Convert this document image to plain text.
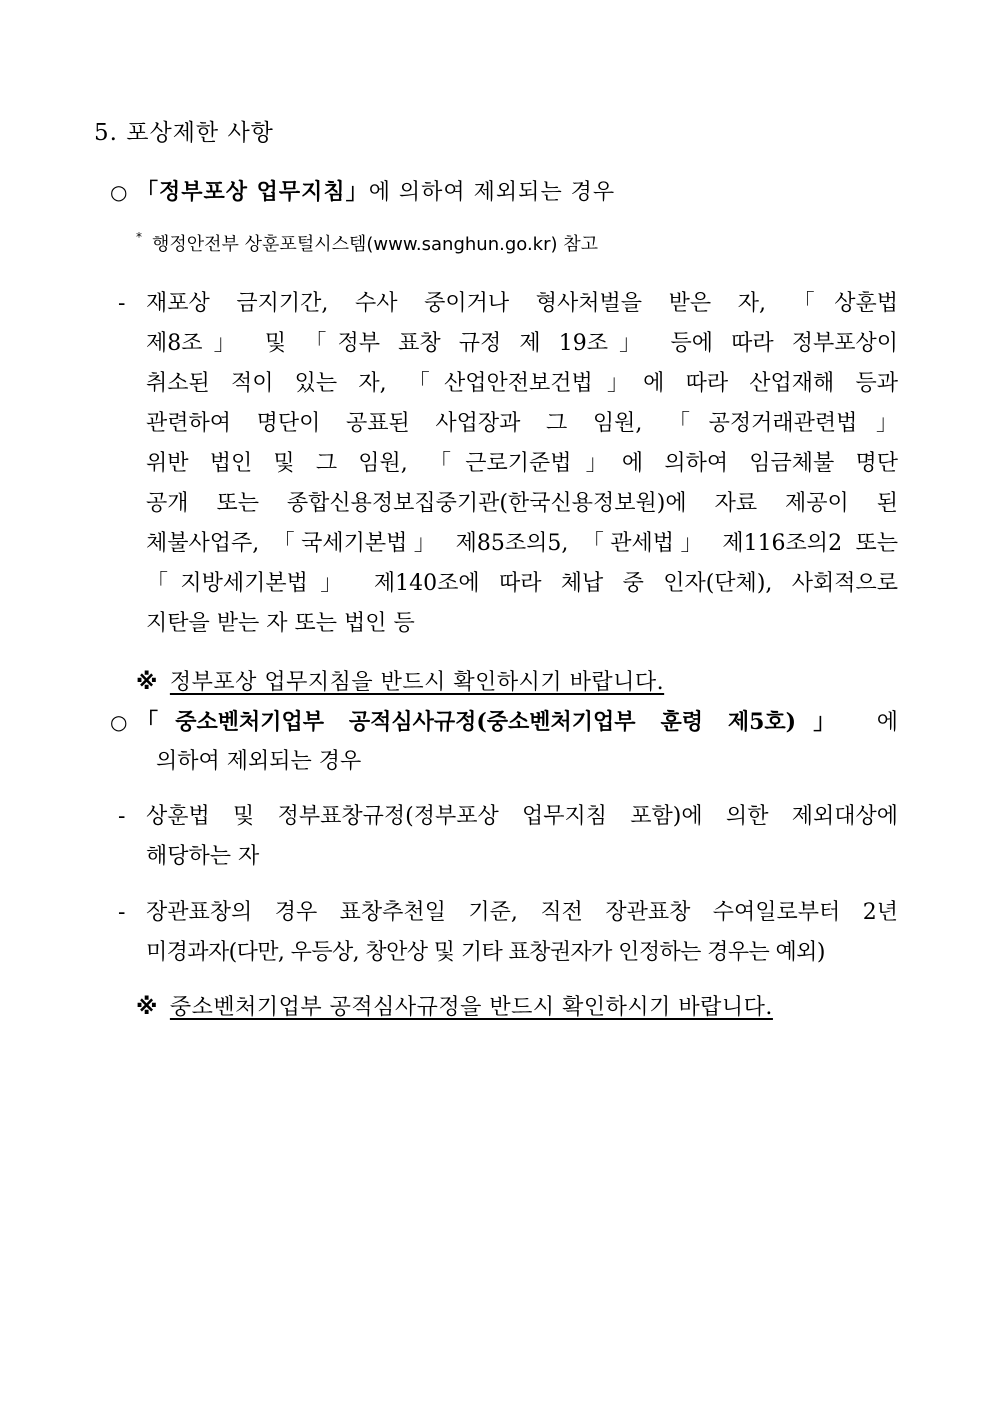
5. 포상제한 사항
○ 「정부포상 업무지침」에 의하여 제외되는 경우
* 행정안전부 상훈포털시스템(www.sanghun.go.kr) 참고
- 재포상 금지기간, 수사 중이거나 형사처벌을 받은 자, 「상훈법
제8조」 및 「정부 표창 규정 제 19조」 등에 따라 정부포상이
취소된 적이 있는 자, 「산업안전보건법」에 따라 산업재해 등과
관련하여 명단이 공표된 사업장과 그 임원, 「공정거래관련법」
위반 법인 및 그 임원, 「근로기준법」에 의하여 임금체불 명단
공개 또는 종합신용정보집중기관(한국신용정보원)에 자료 제공이 된
체불사업주, 「국세기본법」 제85조의5, 「관세법」 제116조의2 또는
「지방세기본법」 제140조에 따라 체납 중 인자(단체), 사회적으로
지탄을 받는 자 또는 법인 등
※ 정부포상 업무지침을 반드시 확인하시기 바랍니다.
○ 「중소벤처기업부 공적심사규정(중소벤처기업부 훈령 제5호)」 에
의하여 제외되는 경우
- 상훈법 및 정부표창규정(정부포상 업무지침 포함)에 의한 제외대상에
해당하는 자
- 장관표창의 경우 표창추천일 기준, 직전 장관표창 수여일로부터 2년
미경과자(다만, 우등상, 창안상 및 기타 표창권자가 인정하는 경우는 예외)
※ 중소벤처기업부 공적심사규정을 반드시 확인하시기 바랍니다.
